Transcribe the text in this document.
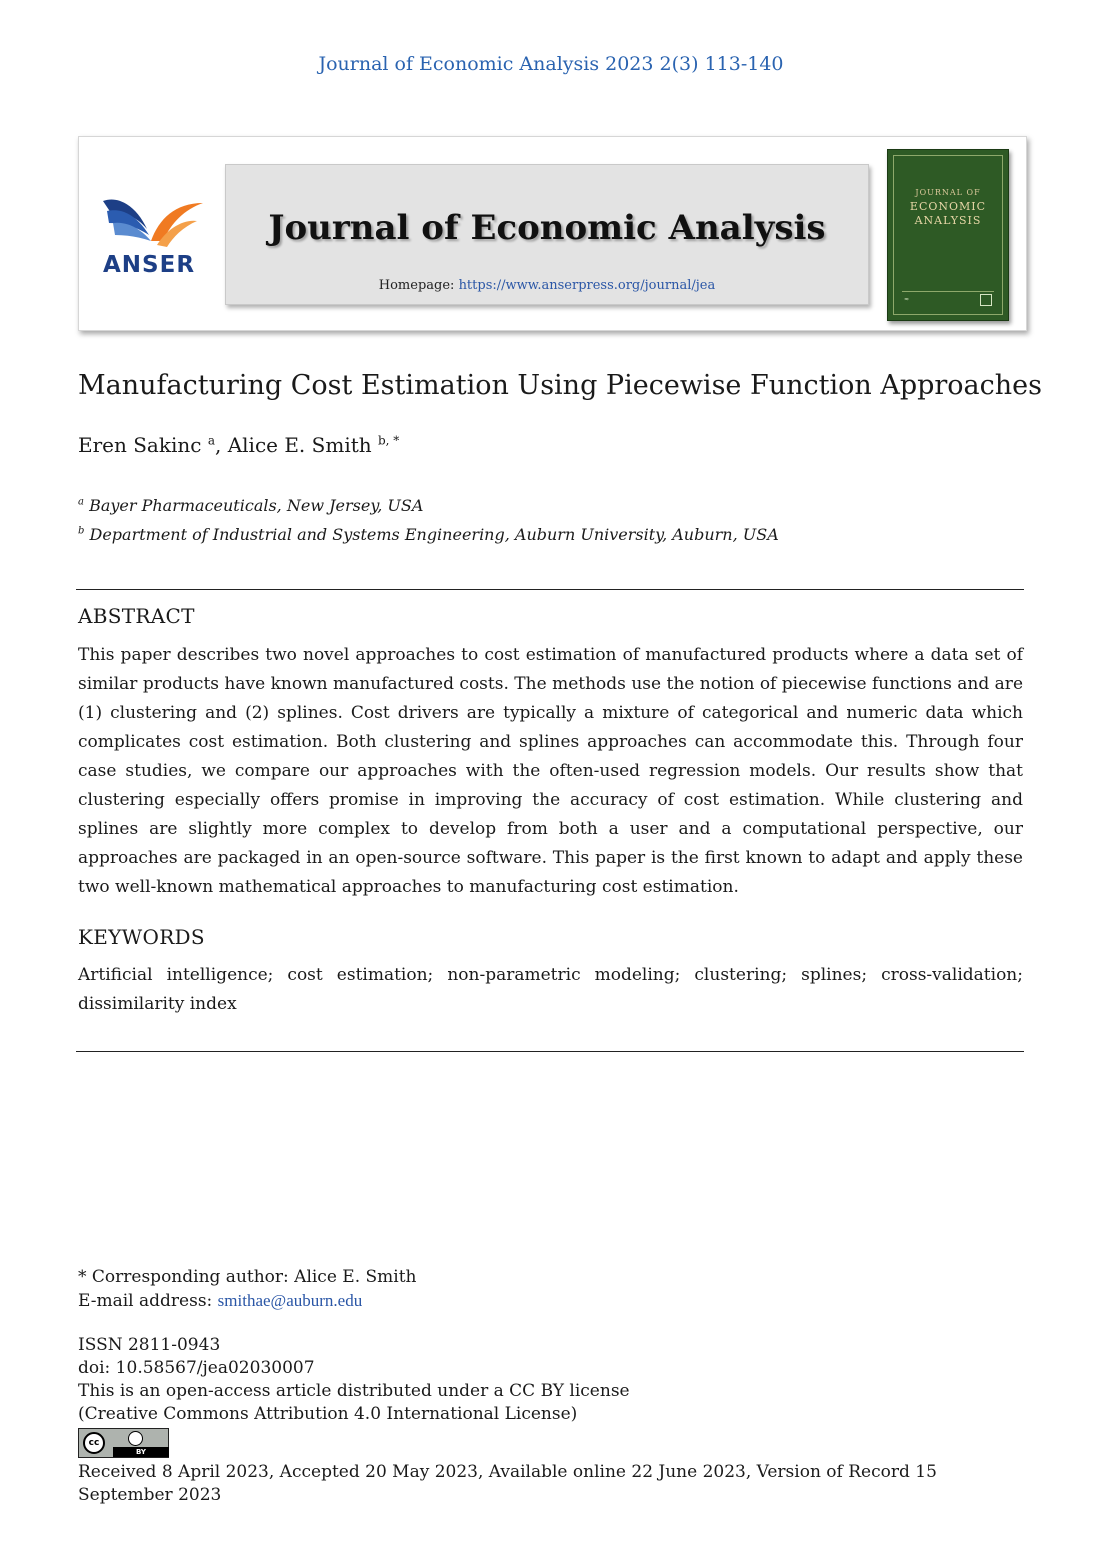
Journal of Economic Analysis 2023 2(3) 113-140
ANSER
Journal of Economic Analysis
Homepage: https://www.anserpress.org/journal/jea
JOURNAL OF
ECONOMIC
ANALYSIS
≈
Manufacturing Cost Estimation Using Piecewise Function Approaches
Eren Sakinc $^a$, Alice E. Smith $^{b, *}$
$^a$ Bayer Pharmaceuticals, New Jersey, USA
$^b$ Department of Industrial and Systems Engineering, Auburn University, Auburn, USA
ABSTRACT
This paper describes two novel approaches to cost estimation of manufactured products where a data set of similar products have known manufactured costs. The methods use the notion of piecewise functions and are (1) clustering and (2) splines. Cost drivers are typically a mixture of categorical and numeric data which complicates cost estimation. Both clustering and splines approaches can accommodate this. Through four case studies, we compare our approaches with the often-used regression models. Our results show that clustering especially offers promise in improving the accuracy of cost estimation. While clustering and splines are slightly more complex to develop from both a user and a computational perspective, our approaches are packaged in an open-source software. This paper is the first known to adapt and apply these two well-known mathematical approaches to manufacturing cost estimation.
KEYWORDS
Artificial intelligence; cost estimation; non-parametric modeling; clustering; splines; cross-validation; dissimilarity index
* Corresponding author: Alice E. Smith
E-mail address: smithae@auburn.edu
ISSN 2811-0943
doi: 10.58567/jea02030007
This is an open-access article distributed under a CC BY license
(Creative Commons Attribution 4.0 International License)
cc
BY
Received 8 April 2023, Accepted 20 May 2023, Available online 22 June 2023, Version of Record 15 September 2023
